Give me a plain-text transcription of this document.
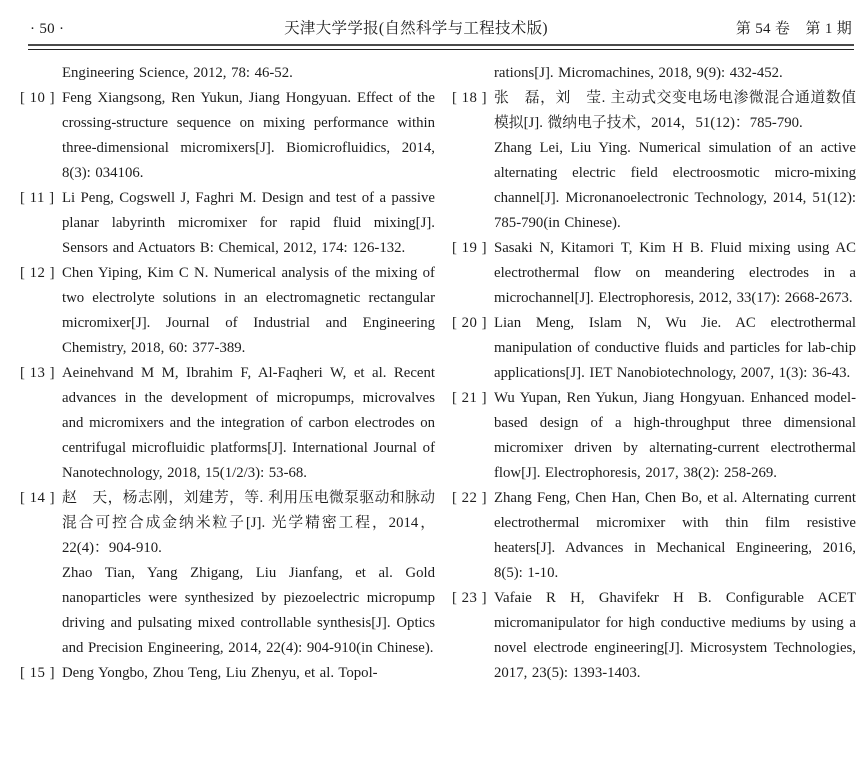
· 50 ·	天津大学学报(自然科学与工程技术版)	第 54 卷　第 1 期
Engineering Science, 2012, 78: 46-52.
[ 10 ] Feng Xiangsong, Ren Yukun, Jiang Hongyuan. Effect of the crossing-structure sequence on mixing performance within three-dimensional micromixers[J]. Biomicrofluidics, 2014, 8(3): 034106.
[ 11 ] Li Peng, Cogswell J, Faghri M. Design and test of a passive planar labyrinth micromixer for rapid fluid mixing[J]. Sensors and Actuators B: Chemical, 2012, 174: 126-132.
[ 12 ] Chen Yiping, Kim C N. Numerical analysis of the mixing of two electrolyte solutions in an electromagnetic rectangular micromixer[J]. Journal of Industrial and Engineering Chemistry, 2018, 60: 377-389.
[ 13 ] Aeinehvand M M, Ibrahim F, Al-Faqheri W, et al. Recent advances in the development of micropumps, microvalves and micromixers and the integration of carbon electrodes on centrifugal microfluidic platforms[J]. International Journal of Nanotechnology, 2018, 15(1/2/3): 53-68.
[ 14 ] 赵　天，杨志刚，刘建芳，等. 利用压电微泵驱动和脉动混合可控合成金纳米粒子[J]. 光学精密工程，2014，22(4)：904-910.
Zhao Tian, Yang Zhigang, Liu Jianfang, et al. Gold nanoparticles were synthesized by piezoelectric micropump driving and pulsating mixed controllable synthesis[J]. Optics and Precision Engineering, 2014, 22(4): 904-910(in Chinese).
[ 15 ] Deng Yongbo, Zhou Teng, Liu Zhenyu, et al. Topol-
rations[J]. Micromachines, 2018, 9(9): 432-452.
[ 18 ] 张　磊，刘　莹. 主动式交变电场电渗微混合通道数值模拟[J]. 微纳电子技术，2014，51(12)：785-790.
Zhang Lei, Liu Ying. Numerical simulation of an active alternating electric field electroosmotic micro-mixing channel[J]. Micronanoelectronic Technology, 2014, 51(12): 785-790(in Chinese).
[ 19 ] Sasaki N, Kitamori T, Kim H B. Fluid mixing using AC electrothermal flow on meandering electrodes in a microchannel[J]. Electrophoresis, 2012, 33(17): 2668-2673.
[ 20 ] Lian Meng, Islam N, Wu Jie. AC electrothermal manipulation of conductive fluids and particles for lab-chip applications[J]. IET Nanobiotechnology, 2007, 1(3): 36-43.
[ 21 ] Wu Yupan, Ren Yukun, Jiang Hongyuan. Enhanced model-based design of a high-throughput three dimensional micromixer driven by alternating-current electrothermal flow[J]. Electrophoresis, 2017, 38(2): 258-269.
[ 22 ] Zhang Feng, Chen Han, Chen Bo, et al. Alternating current electrothermal micromixer with thin film resistive heaters[J]. Advances in Mechanical Engineering, 2016, 8(5): 1-10.
[ 23 ] Vafaie R H, Ghavifekr H B. Configurable ACET micromanipulator for high conductive mediums by using a novel electrode engineering[J]. Microsystem Technologies, 2017, 23(5): 1393-1403.
